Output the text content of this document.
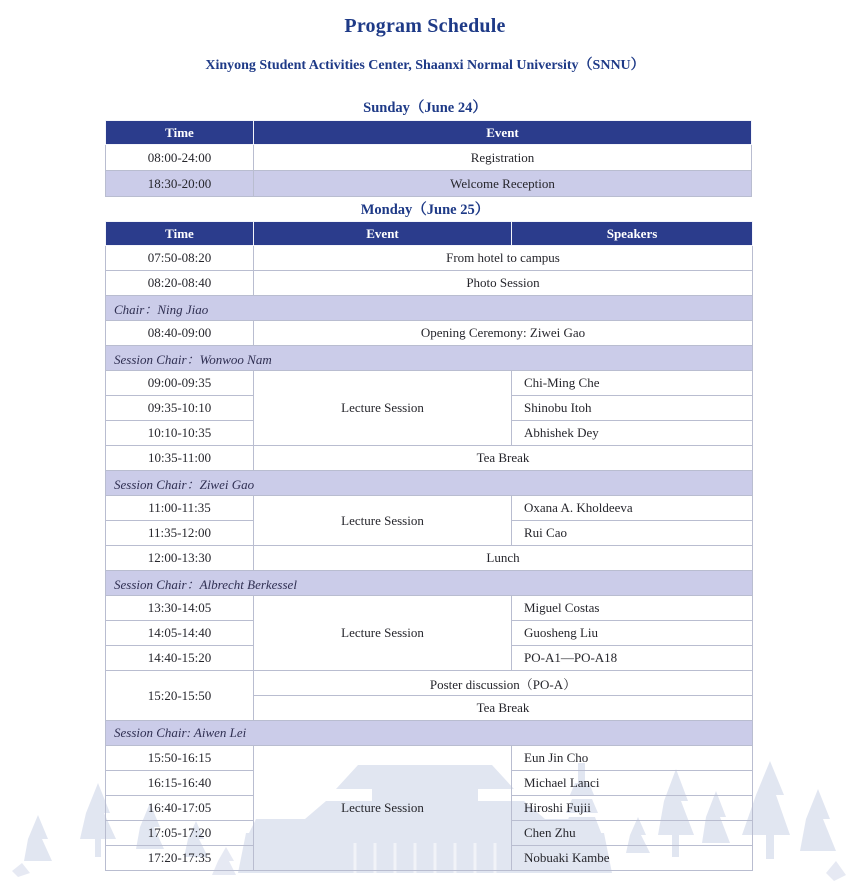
Program Schedule
Xinyong Student Activities Center, Shaanxi Normal University（SNNU）
Sunday（June 24）
Time	Event
08:00-24:00	Registration
18:30-20:00	Welcome Reception
Monday（June 25）
Time	Event	Speakers
07:50-08:20	From hotel to campus	
08:20-08:40	Photo Session	
Chair：Ning Jiao		
08:40-09:00	Opening Ceremony: Ziwei Gao	
Session Chair：Wonwoo Nam		
09:00-09:35	Lecture Session	Chi-Ming Che
09:35-10:10		Shinobu Itoh
10:10-10:35		Abhishek Dey
10:35-11:00	Tea Break	
Session Chair：Ziwei Gao		
11:00-11:35	Lecture Session	Oxana A. Kholdeeva
11:35-12:00		Rui Cao
12:00-13:30	Lunch	
Session Chair：Albrecht Berkessel		
13:30-14:05	Lecture Session	Miguel Costas
14:05-14:40		Guosheng Liu
14:40-15:20		PO-A1—PO-A18
15:20-15:50	Poster discussion（PO-A）	
	Tea Break	
Session Chair: Aiwen Lei		
15:50-16:15	Lecture Session	Eun Jin Cho
16:15-16:40		Michael Lanci
16:40-17:05		Hiroshi Fujii
17:05-17:20		Chen Zhu
17:20-17:35		Nobuaki Kambe
